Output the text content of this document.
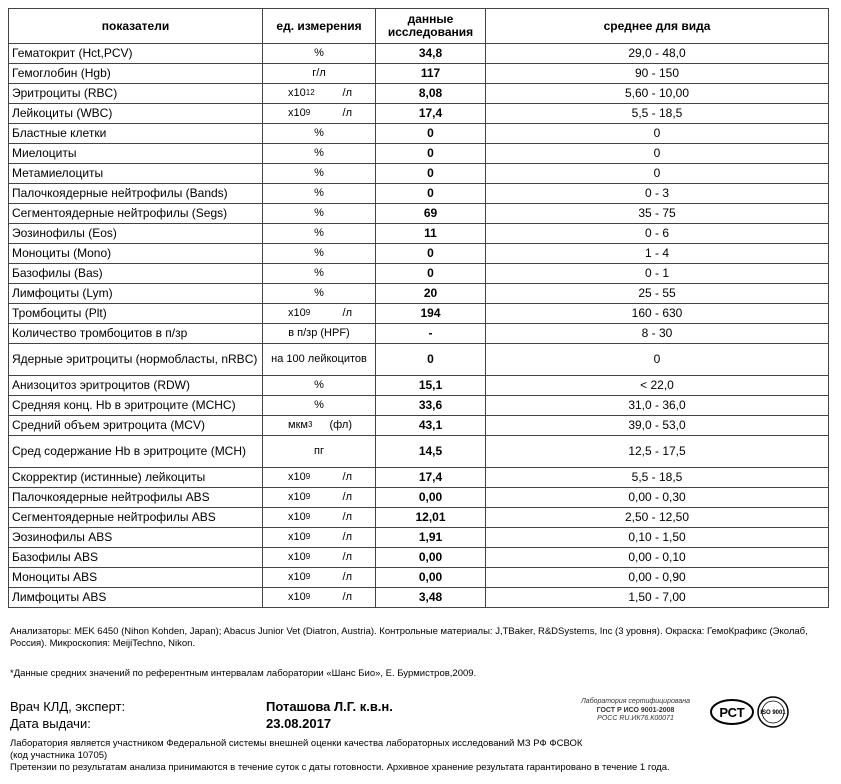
показатели	ед. измерения	данные исследования	среднее для вида
Гематокрит (Hct,PCV)	%	34,8	29,0 - 48,0
Гемоглобин (Hgb)	г/л	117	90 - 150
Эритроциты (RBC)	$х10^{12}$ /л	8,08	5,60 - 10,00
Лейкоциты (WBC)	$х10^9$ /л	17,4	5,5 - 18,5
Бластные клетки	%	0	0
Миелоциты	%	0	0
Метамиелоциты	%	0	0
Палочкоядерные нейтрофилы (Bands)	%	0	0 - 3
Сегментоядерные нейтрофилы (Segs)	%	69	35 - 75
Эозинофилы (Eos)	%	11	0 - 6
Моноциты (Mono)	%	0	1 - 4
Базофилы (Bas)	%	0	0 - 1
Лимфоциты (Lym)	%	20	25 - 55
Тромбоциты (Plt)	$х10^9$ /л	194	160 - 630
Количество тромбоцитов в п/зр	в п/зр (HPF)	-	8 - 30
Ядерные эритроциты (нормобласты, nRBC)	на 100 лейкоцитов	0	0
Анизоцитоз эритроцитов (RDW)	%	15,1	< 22,0
Средняя конц. Hb в эритроците (MCHC)	%	33,6	31,0 - 36,0
Средний объем эритроцита (MCV)	мкм$^3$ (фл)	43,1	39,0 - 53,0
Сред содержание Hb в эритроците (MCH)	пг	14,5	12,5 - 17,5
Скорректир (истинные) лейкоциты	$х10^9$ /л	17,4	5,5 - 18,5
Палочкоядерные нейтрофилы ABS	$х10^9$ /л	0,00	0,00 - 0,30
Сегментоядерные нейтрофилы ABS	$х10^9$ /л	12,01	2,50 - 12,50
Эозинофилы ABS	$х10^9$ /л	1,91	0,10 - 1,50
Базофилы ABS	$х10^9$ /л	0,00	0,00 - 0,10
Моноциты ABS	$х10^9$ /л	0,00	0,00 - 0,90
Лимфоциты ABS	$х10^9$ /л	3,48	1,50 - 7,00
Анализаторы: MEK 6450 (Nihon Kohden, Japan); Abacus Junior Vet (Diatron, Austria). Контрольные материалы: J,TBaker, R&DSystems, Inc (3 уровня). Окраска: ГемоКрафикс (Эколаб, Россия). Микроскопия: MeijiTechno, Nikon.
*Данные средних значений по референтным интервалам лаборатории «Шанс Био», Е. Бурмистров,2009.
Врач КЛД, эксперт:	Поташова Л.Г. к.в.н.
Дата выдачи:	23.08.2017
Лаборатория сертифицирована
ГОСТ Р ИСО 9001-2008
РОСС RU.ИК76.К00071	РСТ	ISO 9001
Лаборатория является участником Федеральной системы внешней оценки качества лабораторных исследований МЗ РФ ФСВОК
(код участника 10705)
Претензии по результатам анализа принимаются в течение суток с даты готовности. Архивное хранение результата гарантировано в течение 1 года.
